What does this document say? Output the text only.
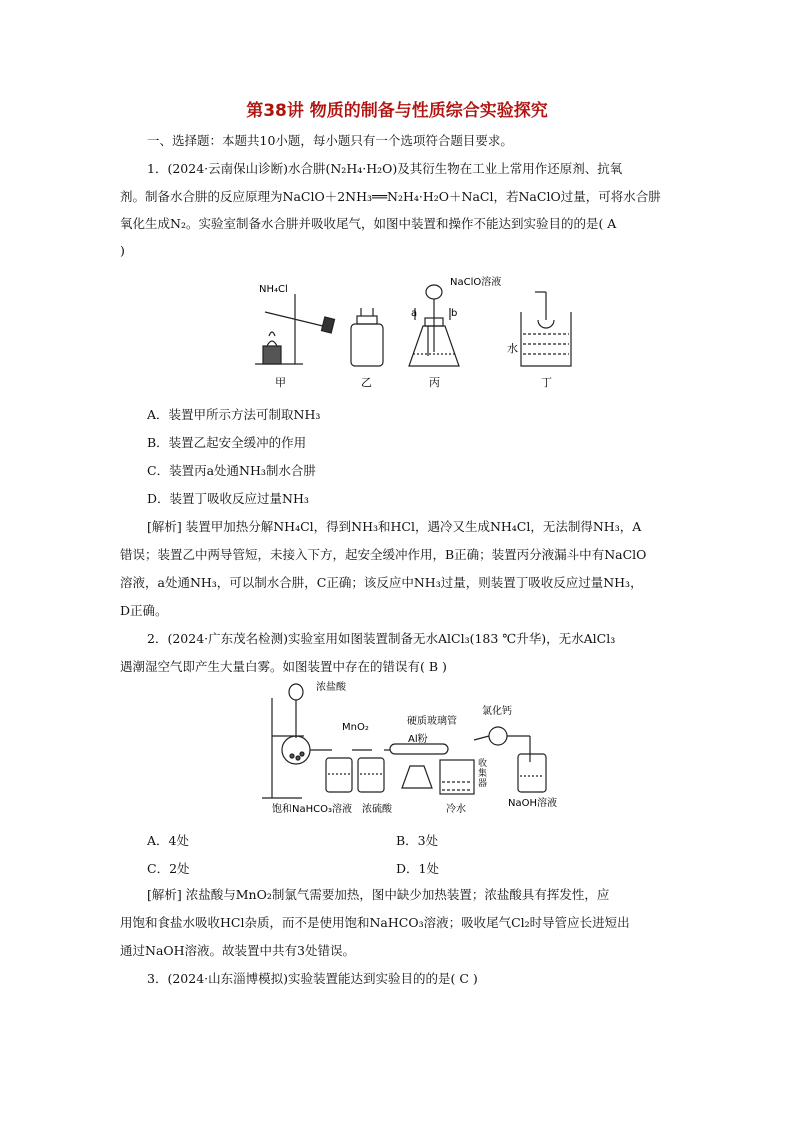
第38讲 物质的制备与性质综合实验探究
一、选择题：本题共10小题，每小题只有一个选项符合题目要求。
1．(2024·云南保山诊断)水合肼(N₂H₄·H₂O)及其衍生物在工业上常用作还原剂、抗氧
剂。制备水合肼的反应原理为NaClO＋2NH₃══N₂H₄·H₂O＋NaCl，若NaClO过量，可将水合肼
氧化生成N₂。实验室制备水合肼并吸收尾气，如图中装置和操作不能达到实验目的的是( A
)
NH₄Cl
NaClO溶液
a	b
水
甲	乙	丙	丁
A．装置甲所示方法可制取NH₃
B．装置乙起安全缓冲的作用
C．装置丙a处通NH₃制水合肼
D．装置丁吸收反应过量NH₃
[解析] 装置甲加热分解NH₄Cl，得到NH₃和HCl，遇冷又生成NH₄Cl，无法制得NH₃，A
错误；装置乙中两导管短，未接入下方，起安全缓冲作用，B正确；装置丙分液漏斗中有NaClO
溶液，a处通NH₃，可以制水合肼，C正确；该反应中NH₃过量，则装置丁吸收反应过量NH₃，
D正确。
2．(2024·广东茂名检测)实验室用如图装置制备无水AlCl₃(183 ℃升华)，无水AlCl₃
遇潮湿空气即产生大量白雾。如图装置中存在的错误有( B )
浓盐酸
MnO₂
硬质玻璃管
氯化钙
Al粉
收
集
器
饱和NaHCO₃溶液 浓硫酸	冷水
NaOH溶液
A．4处	B．3处
C．2处	D．1处
[解析] 浓盐酸与MnO₂制氯气需要加热，图中缺少加热装置；浓盐酸具有挥发性，应
用饱和食盐水吸收HCl杂质，而不是使用饱和NaHCO₃溶液；吸收尾气Cl₂时导管应长进短出
通过NaOH溶液。故装置中共有3处错误。
3．(2024·山东淄博模拟)实验装置能达到实验目的的是( C )
